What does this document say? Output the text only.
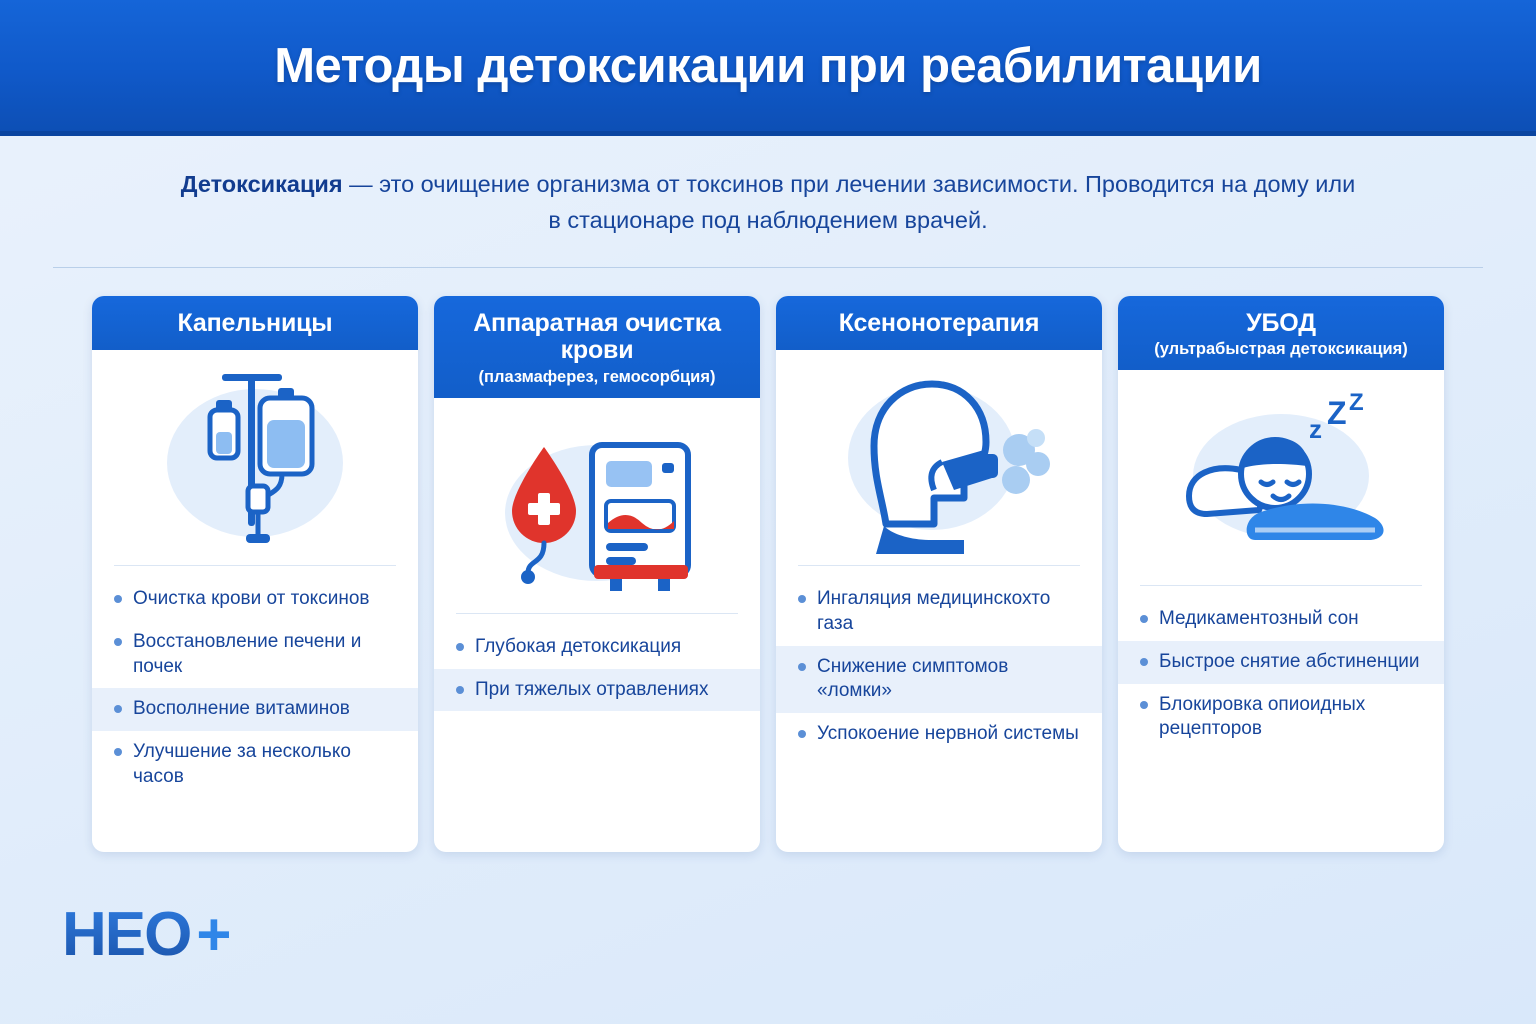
Методы детоксикации при реабилитации
Детоксикация — это очищение организма от токсинов при лечении зависимости. Проводится на дому или в стационаре под наблюдением врачей.
Капельницы
Очистка крови от токсинов
Восстановление печени и почек
Восполнение витаминов
Улучшение за несколько часов
Аппаратная очистка крови
(плазмаферез, гемосорбция)
Глубокая детоксикация
При тяжелых отравлениях
Ксенонотерапия
Ингаляция медицинскохто газа
Снижение симптомов «ломки»
Успокоение нервной системы
УБОД
(ультрабыстрая детоксикация)
z Z Z
Медикаментозный сон
Быстрое снятие абстиненции
Блокировка опиоидных рецепторов
HEO +
